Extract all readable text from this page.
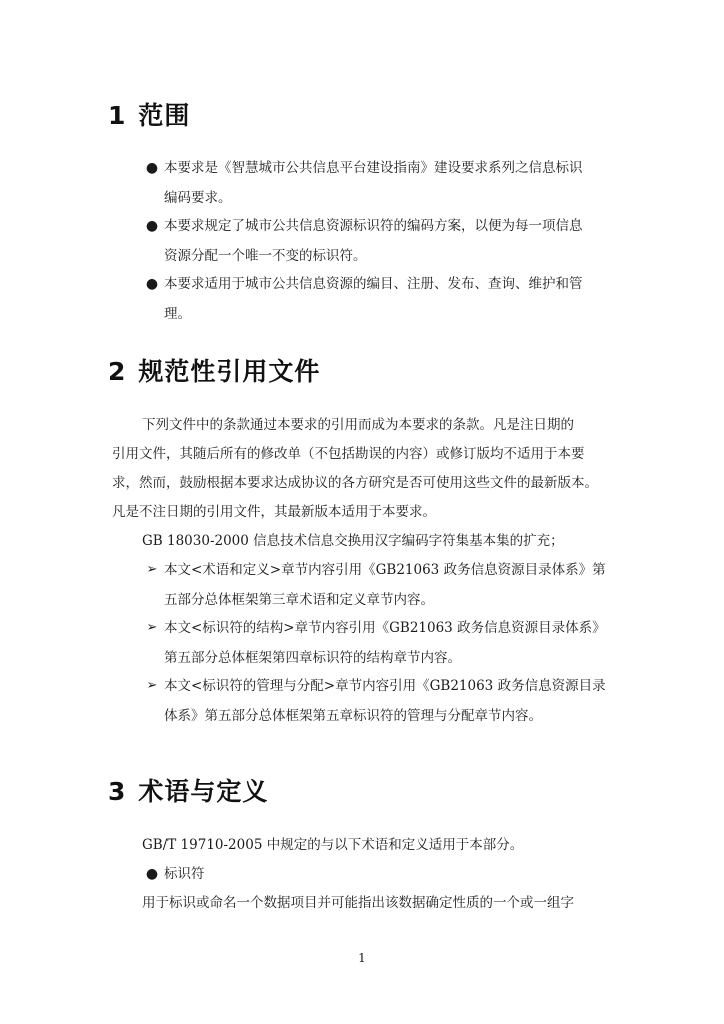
1 范围
● 本要求是《智慧城市公共信息平台建设指南》建设要求系列之信息标识
编码要求。
● 本要求规定了城市公共信息资源标识符的编码方案，以便为每一项信息
资源分配一个唯一不变的标识符。
● 本要求适用于城市公共信息资源的编目、注册、发布、查询、维护和管
理。
2 规范性引用文件
下列文件中的条款通过本要求的引用而成为本要求的条款。凡是注日期的
引用文件，其随后所有的修改单（不包括勘误的内容）或修订版均不适用于本要
求，然而，鼓励根据本要求达成协议的各方研究是否可使用这些文件的最新版本。
凡是不注日期的引用文件，其最新版本适用于本要求。
GB 18030-2000 信息技术信息交换用汉字编码字符集基本集的扩充；
➢ 本文<术语和定义>章节内容引用《GB21063 政务信息资源目录体系》第
五部分总体框架第三章术语和定义章节内容。
➢ 本文<标识符的结构>章节内容引用《GB21063 政务信息资源目录体系》
第五部分总体框架第四章标识符的结构章节内容。
➢ 本文<标识符的管理与分配>章节内容引用《GB21063 政务信息资源目录
体系》第五部分总体框架第五章标识符的管理与分配章节内容。
3 术语与定义
GB/T 19710-2005 中规定的与以下术语和定义适用于本部分。
● 标识符
用于标识或命名一个数据项目并可能指出该数据确定性质的一个或一组字
1
